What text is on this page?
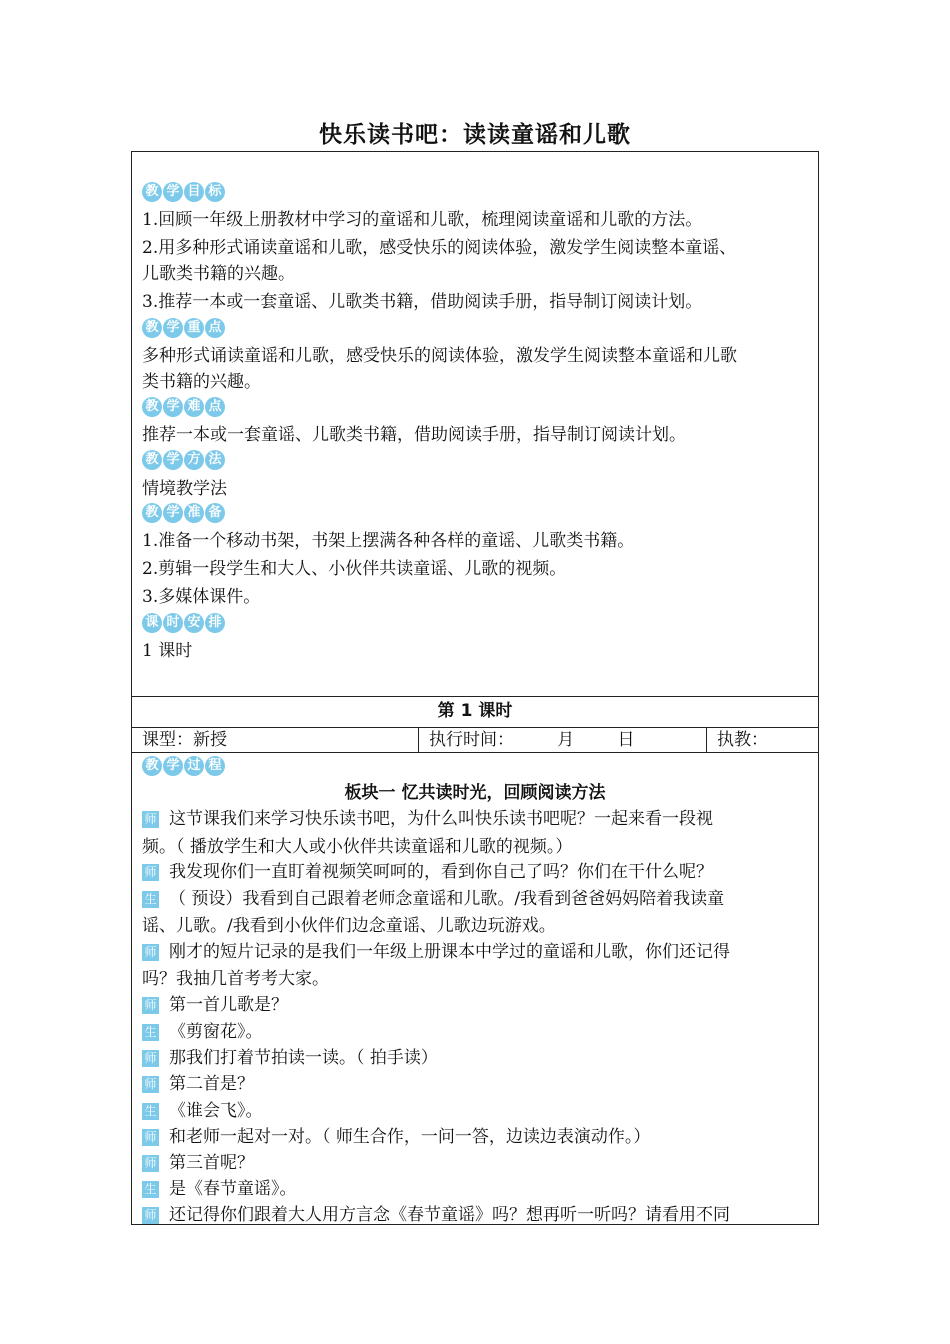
快乐读书吧：读读童谣和儿歌
教 学 目 标
1.回顾一年级上册教材中学习的童谣和儿歌，梳理阅读童谣和儿歌的方法。
2.用多种形式诵读童谣和儿歌，感受快乐的阅读体验，激发学生阅读整本童谣、
儿歌类书籍的兴趣。
3.推荐一本或一套童谣、儿歌类书籍，借助阅读手册，指导制订阅读计划。
教 学 重 点
多种形式诵读童谣和儿歌，感受快乐的阅读体验，激发学生阅读整本童谣和儿歌
类书籍的兴趣。
教 学 难 点
推荐一本或一套童谣、儿歌类书籍，借助阅读手册，指导制订阅读计划。
教 学 方 法
情境教学法
教 学 准 备
1.准备一个移动书架，书架上摆满各种各样的童谣、儿歌类书籍。
2.剪辑一段学生和大人、小伙伴共读童谣、儿歌的视频。
3.多媒体课件。
课 时 安 排
1 课时
第 1 课时
课型：新授	执行时间：        月        日	执教：
教 学 过 程
板块一 忆共读时光，回顾阅读方法
师 这节课我们来学习快乐读书吧，为什么叫快乐读书吧呢？一起来看一段视
频。（ 播放学生和大人或小伙伴共读童谣和儿歌的视频。）
师 我发现你们一直盯着视频笑呵呵的，看到你自己了吗？你们在干什么呢？
生 （ 预设）我看到自己跟着老师念童谣和儿歌。/我看到爸爸妈妈陪着我读童
谣、儿歌。/我看到小伙伴们边念童谣、儿歌边玩游戏。
师 刚才的短片记录的是我们一年级上册课本中学过的童谣和儿歌，你们还记得
吗？我抽几首考考大家。
师 第一首儿歌是？
生 《剪窗花》。
师 那我们打着节拍读一读。（ 拍手读）
师 第二首是？
生 《谁会飞》。
师 和老师一起对一对。（ 师生合作，一问一答，边读边表演动作。）
师 第三首呢？
生 是《春节童谣》。
师 还记得你们跟着大人用方言念《春节童谣》吗？想再听一听吗？请看用不同
